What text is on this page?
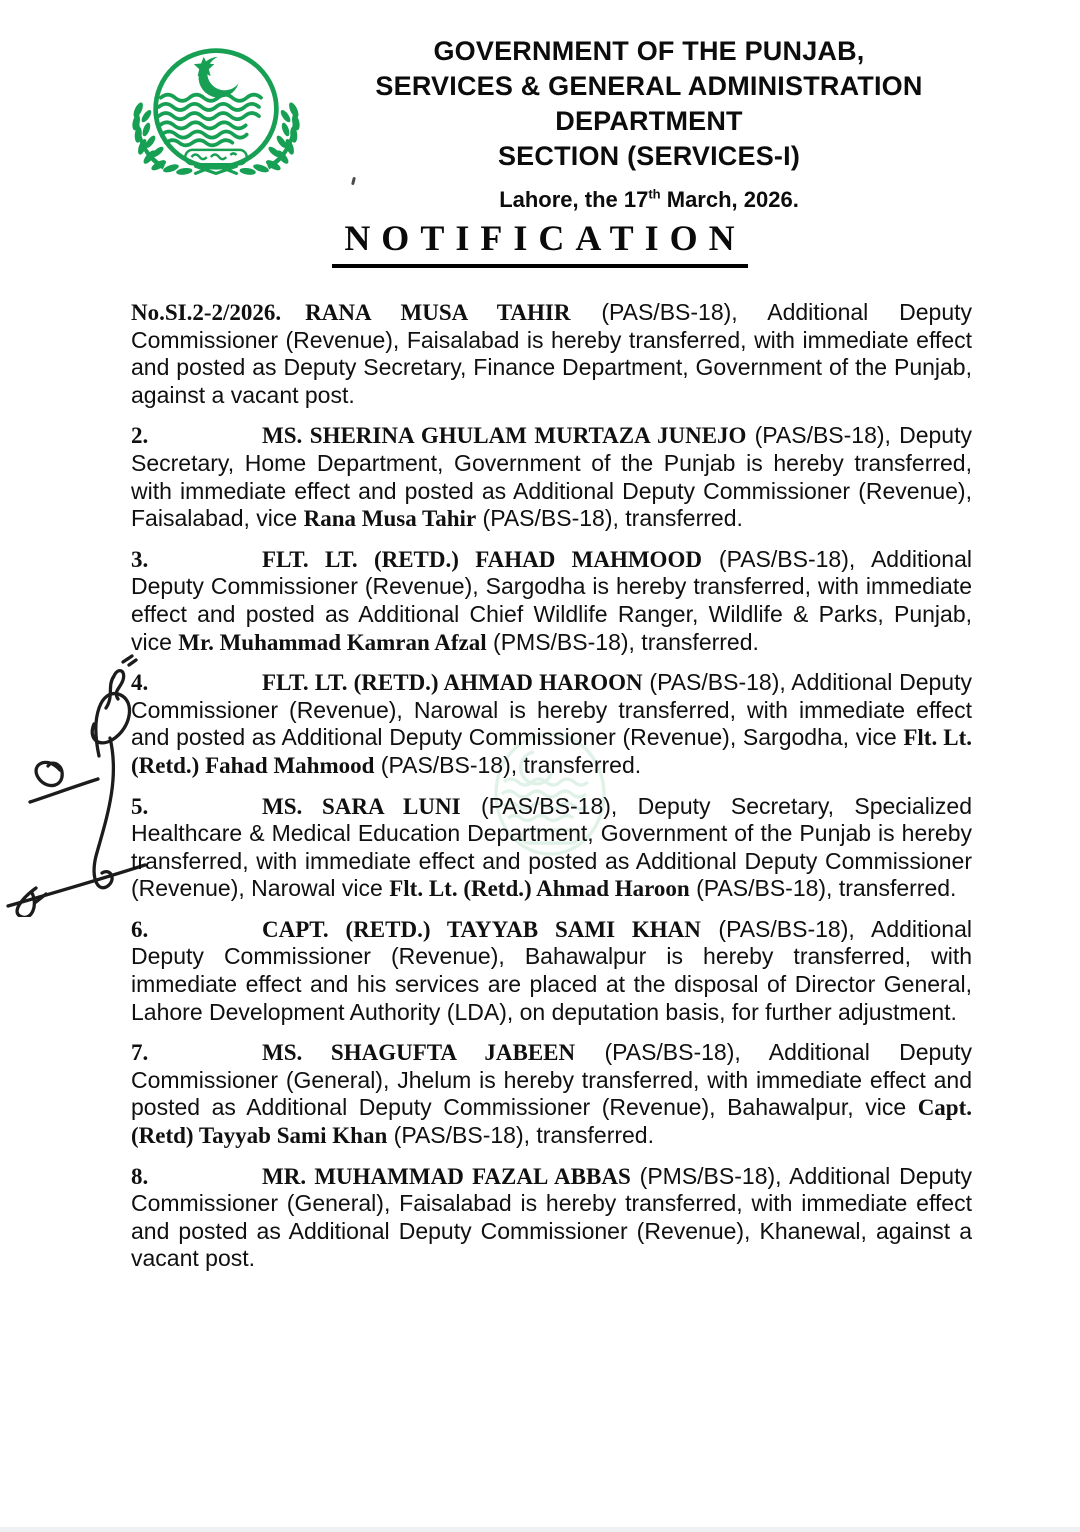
GOVERNMENT OF THE PUNJAB,
SERVICES & GENERAL ADMINISTRATION
DEPARTMENT
SECTION (SERVICES-I)
Lahore, the 17th March, 2026.
NOTIFICATION

No.SI.2-2/2026. RANA MUSA TAHIR (PAS/BS-18), Additional Deputy Commissioner (Revenue), Faisalabad is hereby transferred, with immediate effect and posted as Deputy Secretary, Finance Department, Government of the Punjab, against a vacant post.

2.	MS. SHERINA GHULAM MURTAZA JUNEJO (PAS/BS-18), Deputy Secretary, Home Department, Government of the Punjab is hereby transferred, with immediate effect and posted as Additional Deputy Commissioner (Revenue), Faisalabad, vice Rana Musa Tahir (PAS/BS-18), transferred.

3.	FLT. LT. (RETD.) FAHAD MAHMOOD (PAS/BS-18), Additional Deputy Commissioner (Revenue), Sargodha is hereby transferred, with immediate effect and posted as Additional Chief Wildlife Ranger, Wildlife & Parks, Punjab, vice Mr. Muhammad Kamran Afzal (PMS/BS-18), transferred.

4.	FLT. LT. (RETD.) AHMAD HAROON (PAS/BS-18), Additional Deputy Commissioner (Revenue), Narowal is hereby transferred, with immediate effect and posted as Additional Deputy Commissioner (Revenue), Sargodha, vice Flt. Lt. (Retd.) Fahad Mahmood (PAS/BS-18), transferred.

5.	MS. SARA LUNI (PAS/BS-18), Deputy Secretary, Specialized Healthcare & Medical Education Department, Government of the Punjab is hereby transferred, with immediate effect and posted as Additional Deputy Commissioner (Revenue), Narowal vice Flt. Lt. (Retd.) Ahmad Haroon (PAS/BS-18), transferred.

6.	CAPT. (RETD.) TAYYAB SAMI KHAN (PAS/BS-18), Additional Deputy Commissioner (Revenue), Bahawalpur is hereby transferred, with immediate effect and his services are placed at the disposal of Director General, Lahore Development Authority (LDA), on deputation basis, for further adjustment.

7.	MS. SHAGUFTA JABEEN (PAS/BS-18), Additional Deputy Commissioner (General), Jhelum is hereby transferred, with immediate effect and posted as Additional Deputy Commissioner (Revenue), Bahawalpur, vice Capt. (Retd) Tayyab Sami Khan (PAS/BS-18), transferred.

8.	MR. MUHAMMAD FAZAL ABBAS (PMS/BS-18), Additional Deputy Commissioner (General), Faisalabad is hereby transferred, with immediate effect and posted as Additional Deputy Commissioner (Revenue), Khanewal, against a vacant post.
